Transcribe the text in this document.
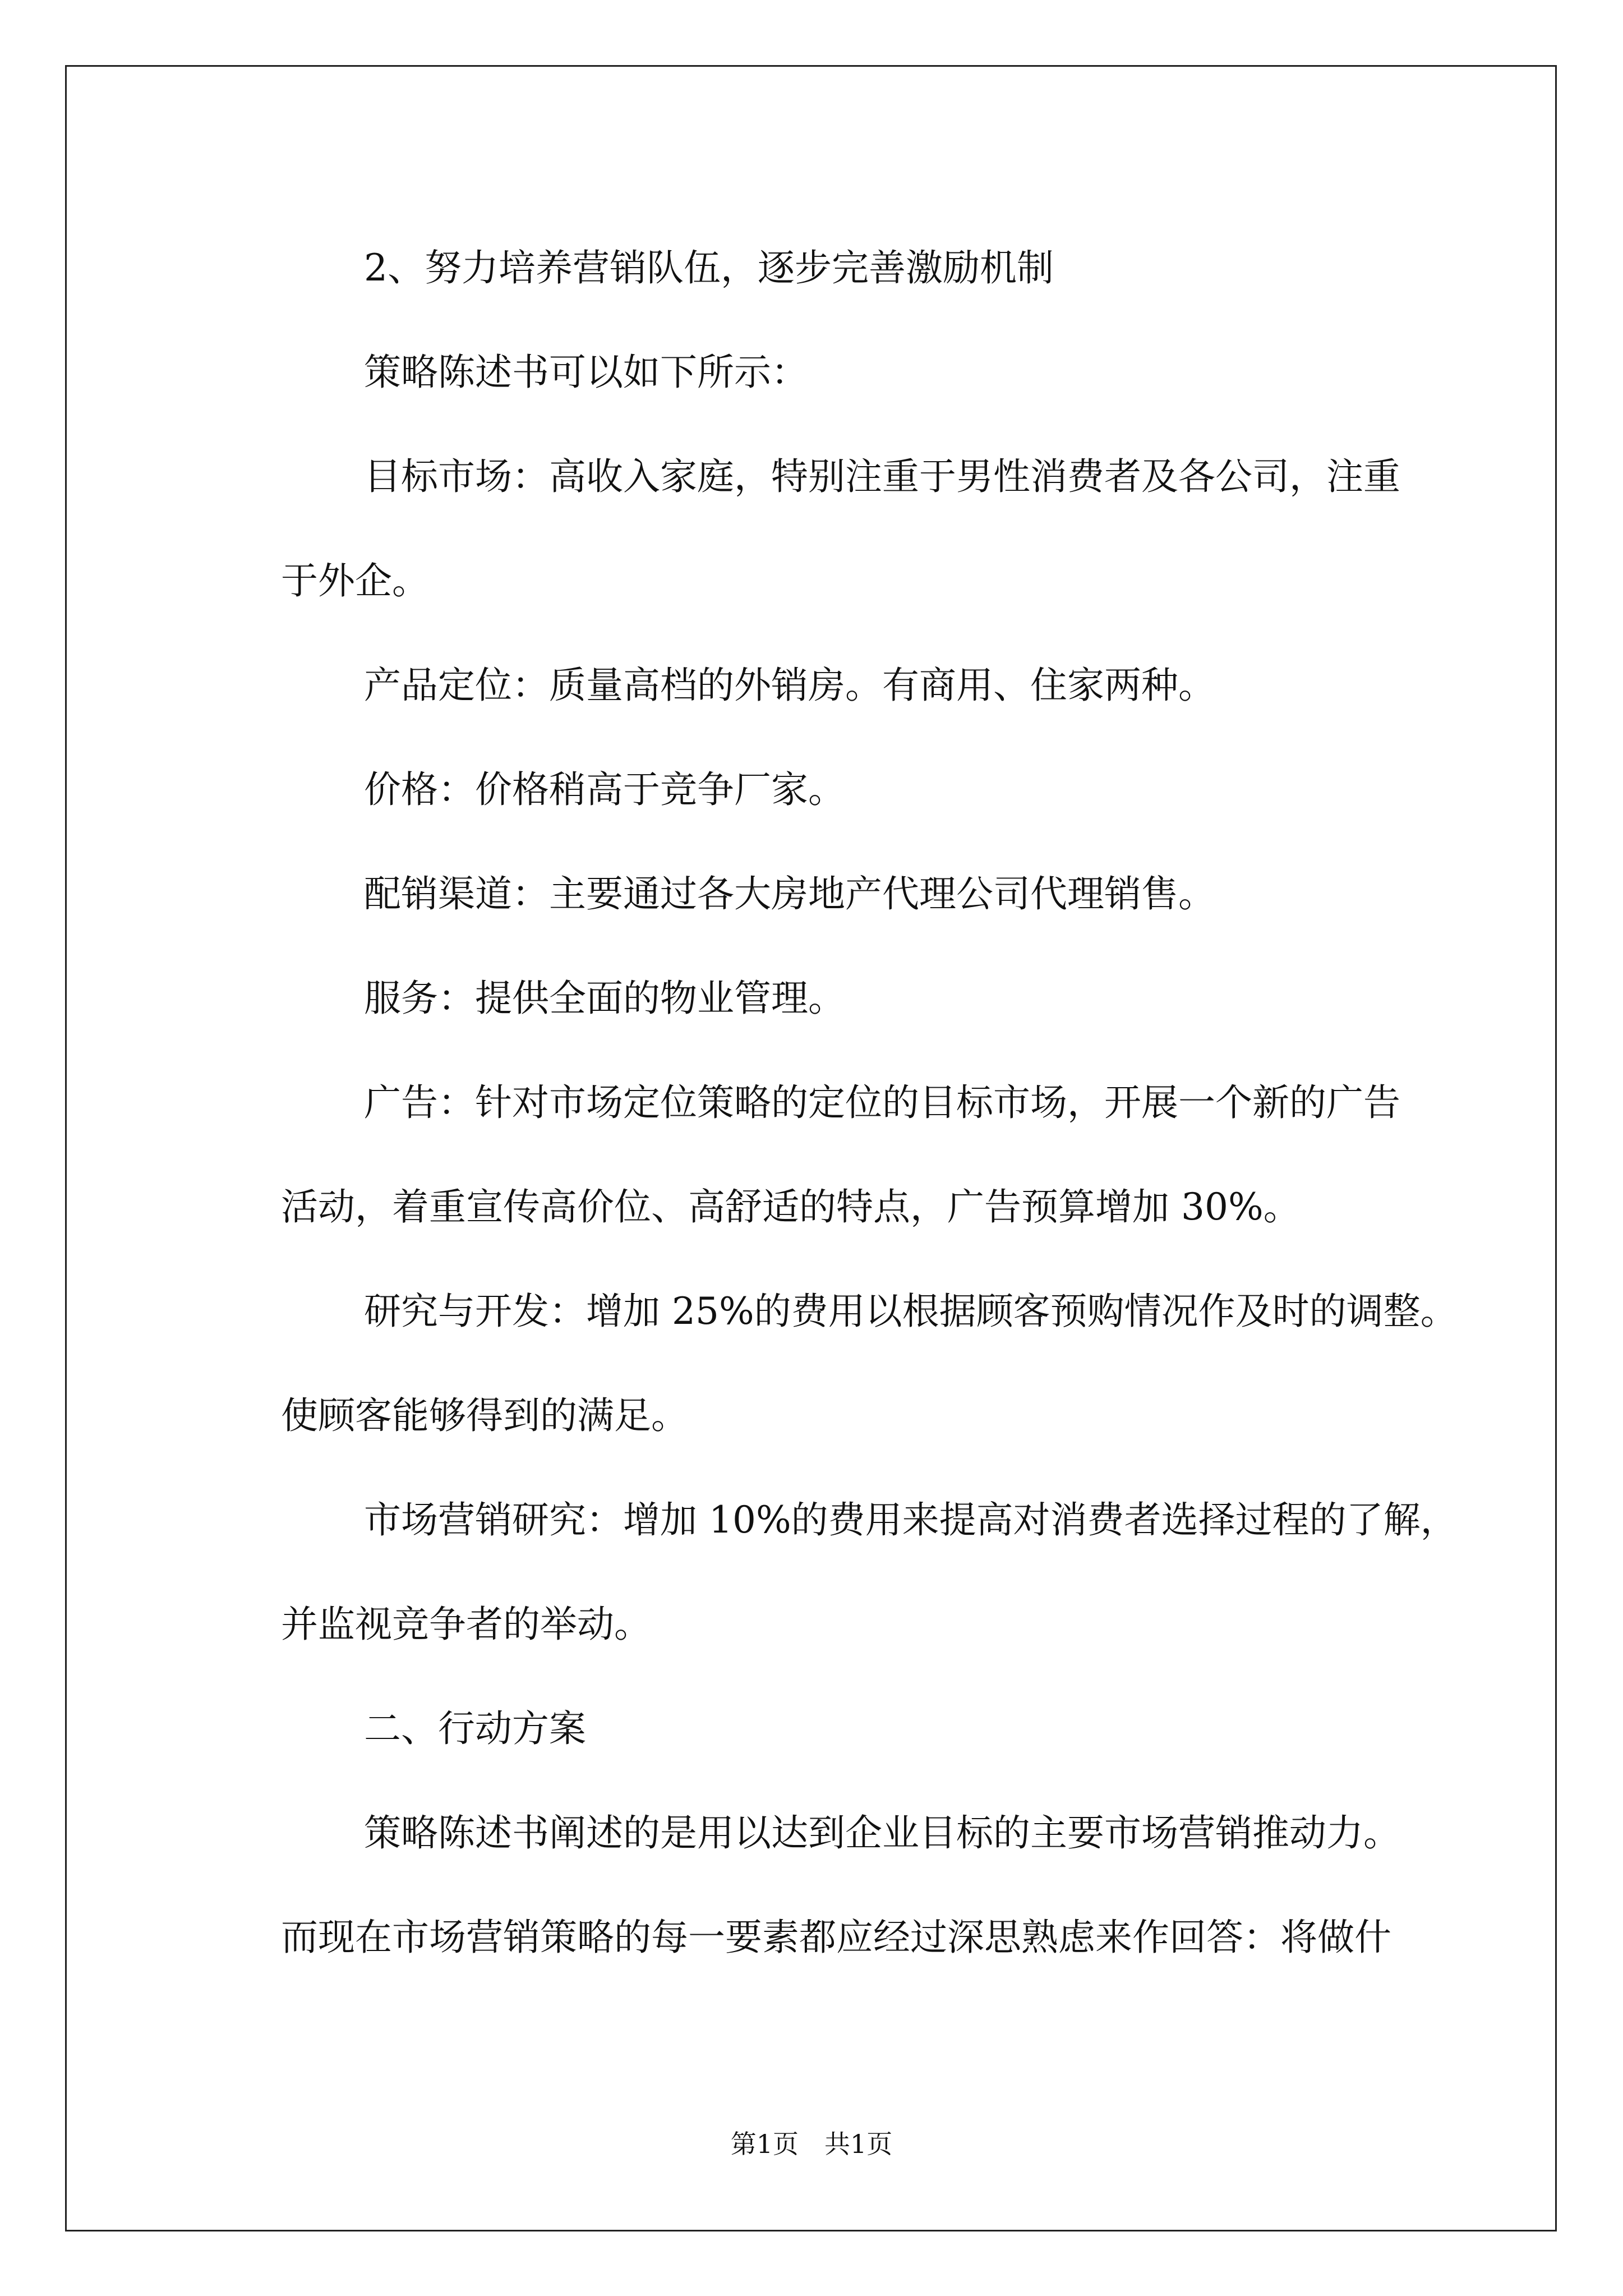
2、努力培养营销队伍，逐步完善激励机制
策略陈述书可以如下所示：
目标市场：高收入家庭，特别注重于男性消费者及各公司，注重
于外企。
产品定位：质量高档的外销房。有商用、住家两种。
价格：价格稍高于竞争厂家。
配销渠道：主要通过各大房地产代理公司代理销售。
服务：提供全面的物业管理。
广告：针对市场定位策略的定位的目标市场，开展一个新的广告
活动，着重宣传高价位、高舒适的特点，广告预算增加 30%。
研究与开发：增加 25%的费用以根据顾客预购情况作及时的调整。
使顾客能够得到的满足。
市场营销研究：增加 10%的费用来提高对消费者选择过程的了解，
并监视竞争者的举动。
二、行动方案
策略陈述书阐述的是用以达到企业目标的主要市场营销推动力。
而现在市场营销策略的每一要素都应经过深思熟虑来作回答：将做什
第1页 共1页
